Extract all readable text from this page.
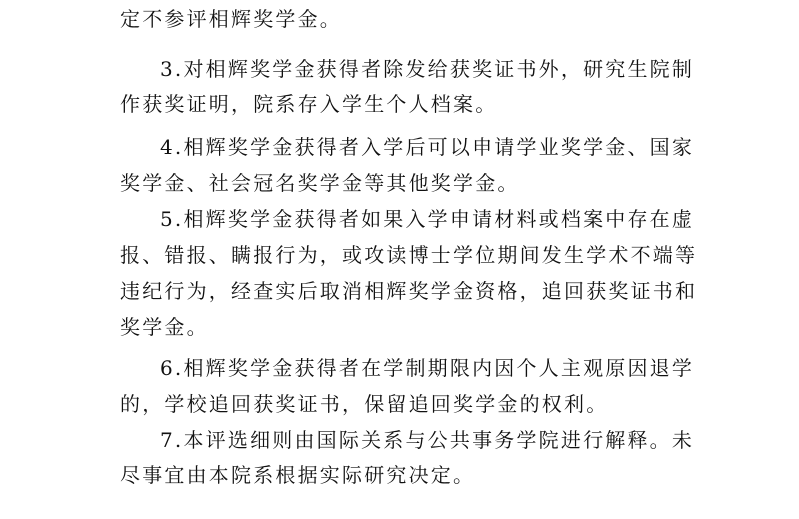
定不参评相辉奖学金。
3.对相辉奖学金获得者除发给获奖证书外，研究生院制
作获奖证明，院系存入学生个人档案。
4.相辉奖学金获得者入学后可以申请学业奖学金、国家
奖学金、社会冠名奖学金等其他奖学金。
5.相辉奖学金获得者如果入学申请材料或档案中存在虚
报、错报、瞒报行为，或攻读博士学位期间发生学术不端等
违纪行为，经查实后取消相辉奖学金资格，追回获奖证书和
奖学金。
6.相辉奖学金获得者在学制期限内因个人主观原因退学
的，学校追回获奖证书，保留追回奖学金的权利。
7.本评选细则由国际关系与公共事务学院进行解释。未
尽事宜由本院系根据实际研究决定。
